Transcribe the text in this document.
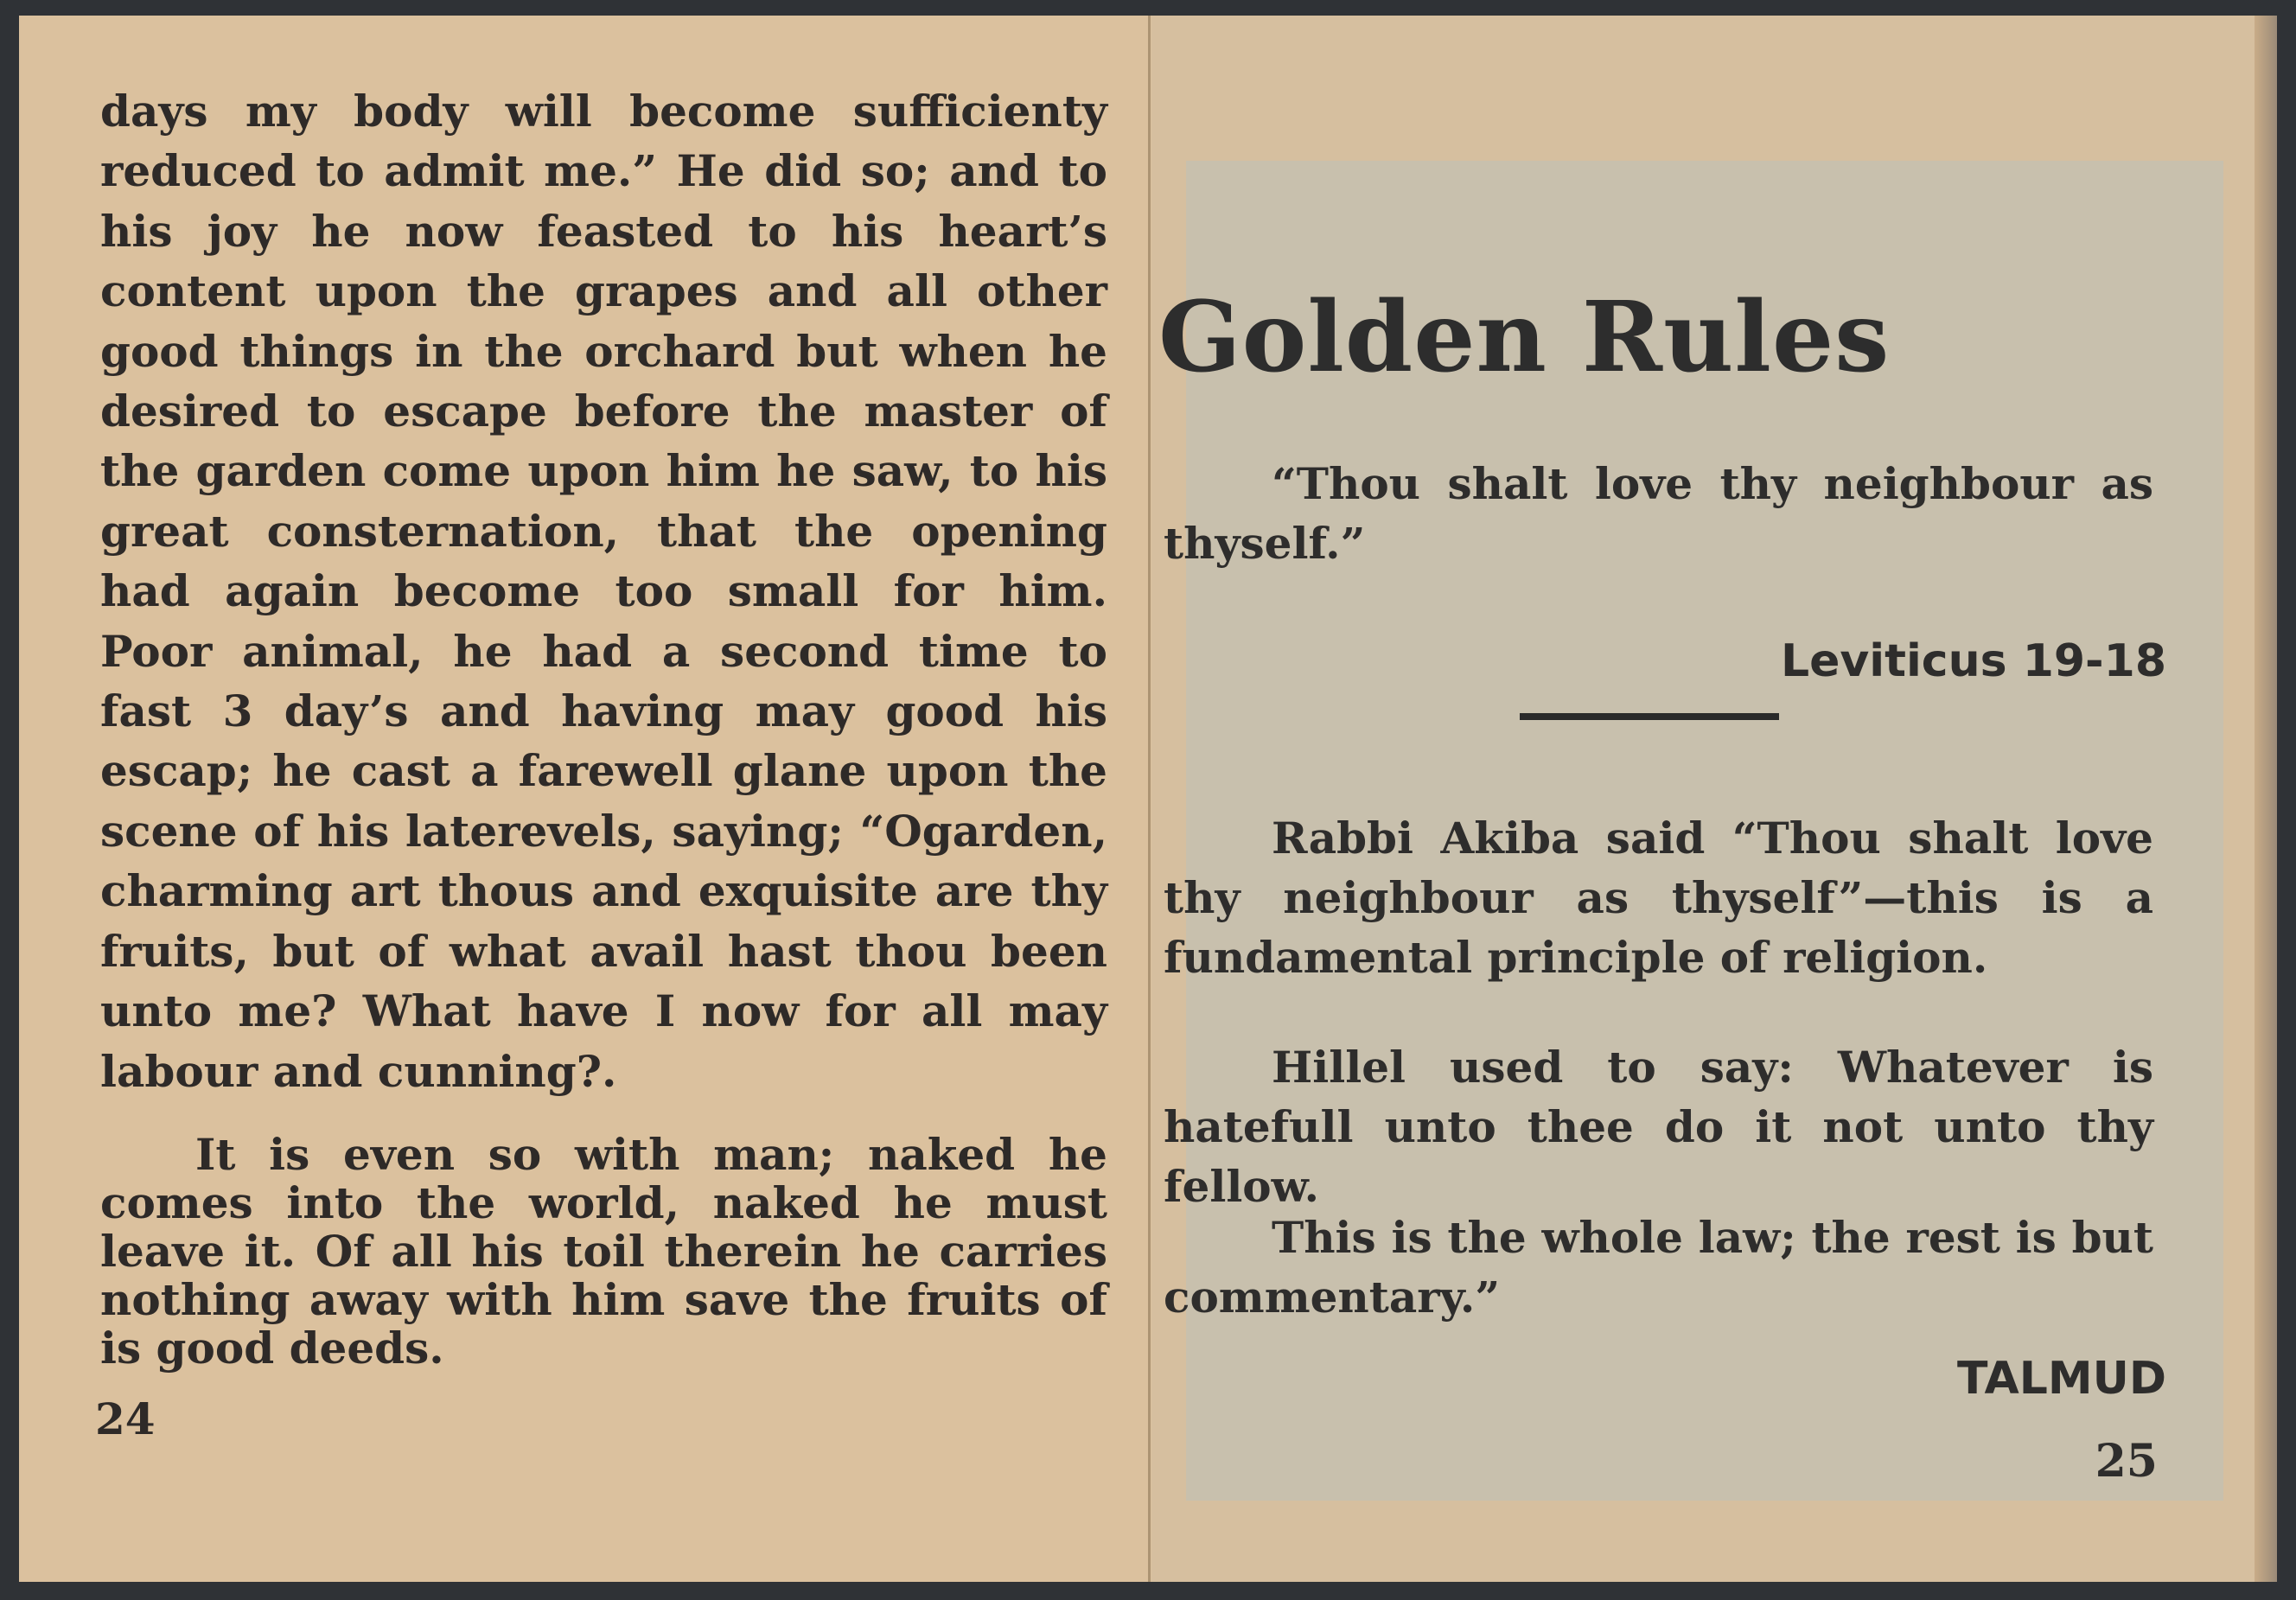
days my body will become sufficienty reduced to admit me.” He did so; and to his joy he now feasted to his heart’s content upon the grapes and all other good things in the orchard but when he desired to escape before the master of the garden come upon him he saw, to his great consternation, that the opening had again become too small for him. Poor animal, he had a second time to fast 3 day’s and having may good his escap; he cast a farewell glane upon the scene of his laterevels, saying; “Ogarden, charming art thous and exquisite are thy fruits, but of what avail hast thou been unto me? What have I now for all may labour and cunning?.

It is even so with man; naked he comes into the world, naked he must leave it. Of all his toil therein he carries nothing away with him save the fruits of is good deeds.

24
Golden Rules

“Thou shalt love thy neighbour as thyself.”

Leviticus 19-18

Rabbi Akiba said “Thou shalt love thy neighbour as thyself”—this is a fundamental principle of religion.

Hillel used to say: Whatever is hatefull unto thee do it not unto thy fellow.

This is the whole law; the rest is but commentary.”

TALMUD
25
